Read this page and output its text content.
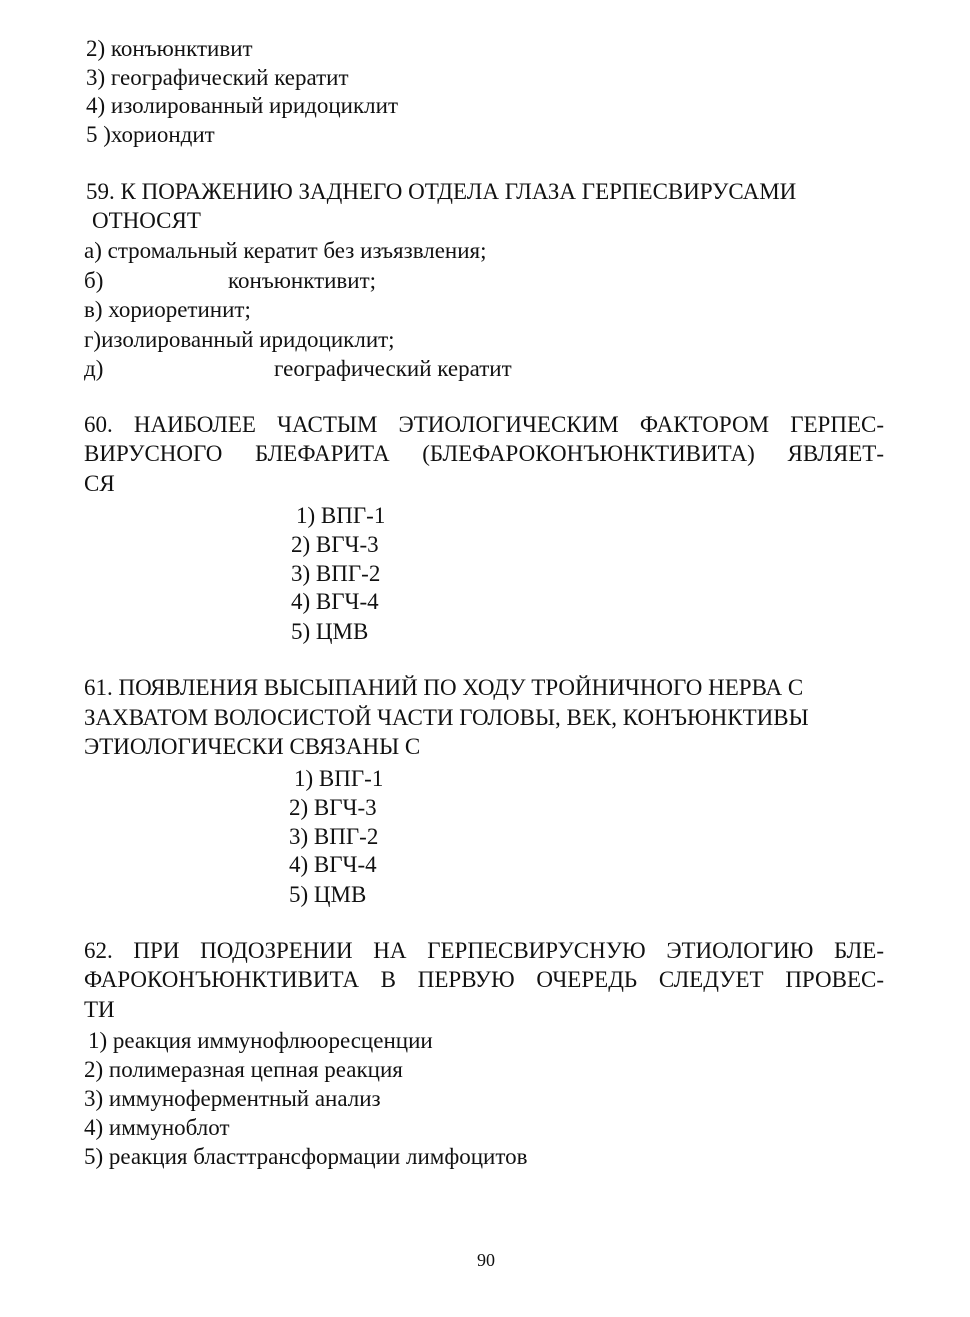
2) конъюнктивит
3) географический кератит
4) изолированный иридоциклит
5 )хориондит
59. К ПОРАЖЕНИЮ ЗАДНЕГО ОТДЕЛА ГЛАЗА ГЕРПЕСВИРУСАМИ
ОТНОСЯТ
а) стромальный кератит без изъязвления;
б)	конъюнктивит;
в) хориоретинит;
г)изолированный иридоциклит;
д)	географический кератит
60. НАИБОЛЕЕ ЧАСТЫМ ЭТИОЛОГИЧЕСКИМ ФАКТОРОМ ГЕРПЕС-
ВИРУСНОГО БЛЕФАРИТА (БЛЕФАРОКОНЪЮНКТИВИТА) ЯВЛЯЕТ-
СЯ
1) ВПГ-1
2) ВГЧ-3
3) ВПГ-2
4) ВГЧ-4
5) ЦМВ
61. ПОЯВЛЕНИЯ ВЫСЫПАНИЙ ПО ХОДУ ТРОЙНИЧНОГО НЕРВА С
ЗАХВАТОМ ВОЛОСИСТОЙ ЧАСТИ ГОЛОВЫ, ВЕК, КОНЪЮНКТИВЫ
ЭТИОЛОГИЧЕСКИ СВЯЗАНЫ С
1) ВПГ-1
2) ВГЧ-3
3) ВПГ-2
4) ВГЧ-4
5) ЦМВ
62. ПРИ ПОДОЗРЕНИИ НА ГЕРПЕСВИРУСНУЮ ЭТИОЛОГИЮ БЛЕ-
ФАРОКОНЪЮНКТИВИТА В ПЕРВУЮ ОЧЕРЕДЬ СЛЕДУЕТ ПРОВЕС-
ТИ
1) реакция иммунофлюоресценции
2) полимеразная цепная реакция
3) иммуноферментный анализ
4) иммуноблот
5) реакция бласттрансформации лимфоцитов
90
